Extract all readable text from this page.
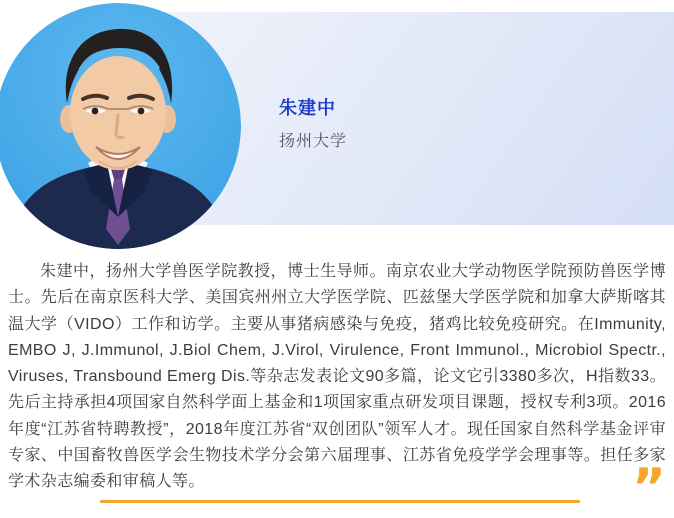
朱建中
扬州大学
朱建中，扬州大学兽医学院教授，博士生导师。南京农业大学动物医学院预防兽医学博士。先后在南京医科大学、美国宾州州立大学医学院、匹兹堡大学医学院和加拿大萨斯喀其温大学（VIDO）工作和访学。主要从事猪病感染与免疫，猪鸡比较免疫研究。在Immunity, EMBO J, J.Immunol, J.Biol Chem, J.Virol, Virulence, Front Immunol., Microbiol Spectr., Viruses, Transbound Emerg Dis.等杂志发表论文90多篇，论文它引3380多次，H指数33。先后主持承担4项国家自然科学面上基金和1项国家重点研发项目课题，授权专利3项。2016年度“江苏省特聘教授”，2018年度江苏省“双创团队”领军人才。现任国家自然科学基金评审专家、中国畜牧兽医学会生物技术学分会第六届理事、江苏省免疫学学会理事等。担任多家学术杂志编委和审稿人等。	”
